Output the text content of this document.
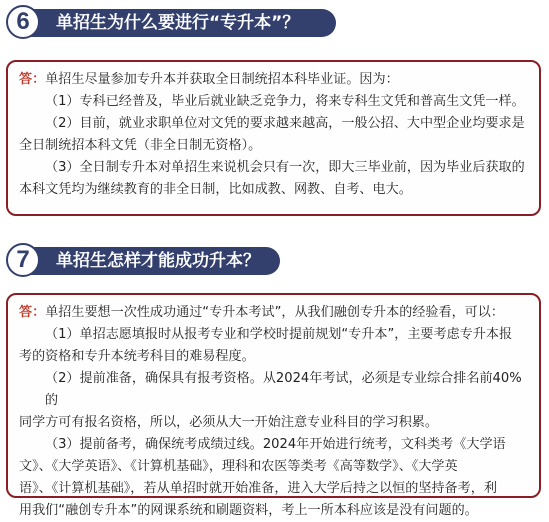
6 单招生为什么要进行“专升本”？

答：单招生尽量参加专升本并获取全日制统招本科毕业证。因为：

（1）专科已经普及，毕业后就业缺乏竞争力，将来专科生文凭和普高生文凭一样。

（2）目前，就业求职单位对文凭的要求越来越高，一般公招、大中型企业均要求是

全日制统招本科文凭（非全日制无资格）。

（3）全日制专升本对单招生来说机会只有一次，即大三毕业前，因为毕业后获取的

本科文凭均为继续教育的非全日制，比如成教、网教、自考、电大。

7 单招生怎样才能成功升本？

答：单招生要想一次性成功通过“专升本考试”，从我们融创专升本的经验看，可以：

（1）单招志愿填报时从报考专业和学校时提前规划“专升本”，主要考虑专升本报

考的资格和专升本统考科目的难易程度。

（2）提前准备，确保具有报考资格。从2024年考试，必须是专业综合排名前40%的

同学方可有报名资格，所以，必须从大一开始注意专业科目的学习积累。

（3）提前备考，确保统考成绩过线。2024年开始进行统考，文科类考《大学语

文》、《大学英语》、《计算机基础》，理科和农医等类考《高等数学》、《大学英

语》、《计算机基础》，若从单招时就开始准备，进入大学后持之以恒的坚持备考，利

用我们“融创专升本”的网课系统和刷题资料，考上一所本科应该是没有问题的。
